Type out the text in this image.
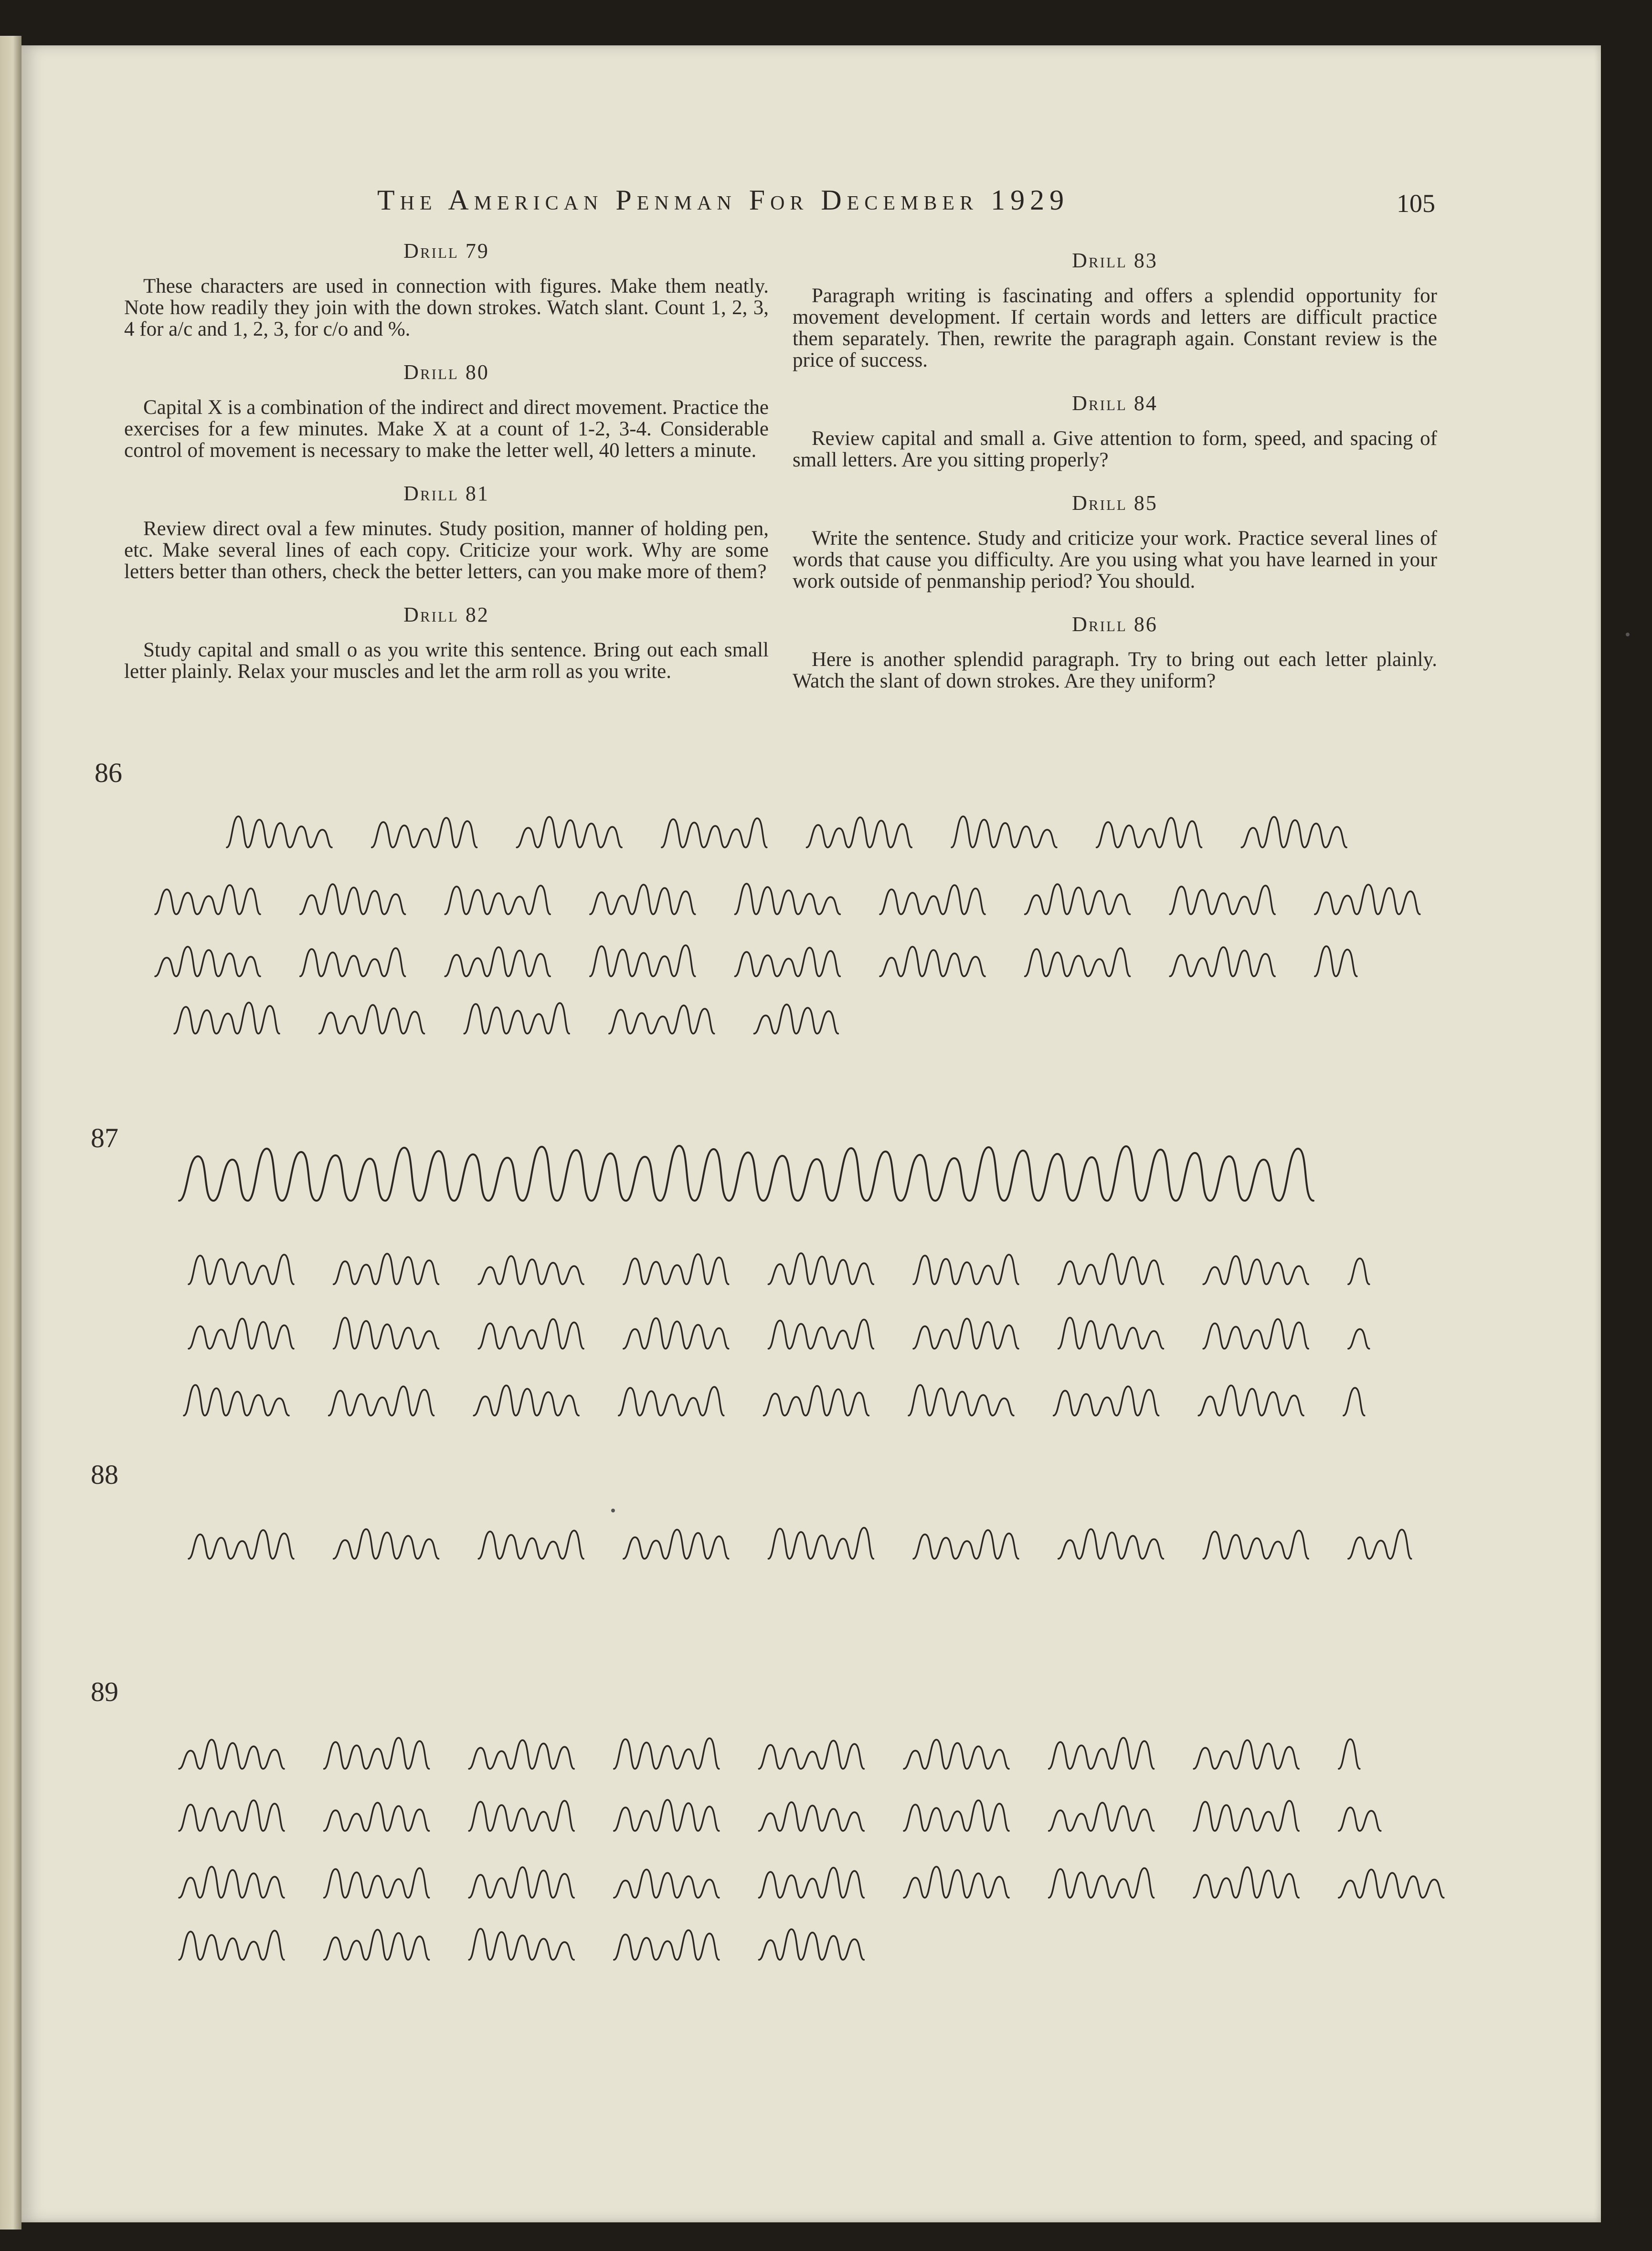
The American Penman For December 1929	105

Drill 79

These characters are used in connection with figures. Make them neatly. Note how readily they join with the down strokes. Watch slant. Count 1, 2, 3, 4 for a/c and 1, 2, 3, for c/o and %.

Drill 80

Capital X is a combination of the indirect and direct movement. Practice the exercises for a few minutes. Make X at a count of 1-2, 3-4. Considerable control of movement is necessary to make the letter well, 40 letters a minute.

Drill 81

Review direct oval a few minutes. Study position, manner of holding pen, etc. Make several lines of each copy. Criticize your work. Why are some letters better than others, check the better letters, can you make more of them?

Drill 82

Study capital and small o as you write this sentence. Bring out each small letter plainly. Relax your muscles and let the arm roll as you write.

Drill 83

Paragraph writing is fascinating and offers a splendid opportunity for movement development. If certain words and letters are difficult practice them separately. Then, rewrite the paragraph again. Constant review is the price of success.

Drill 84

Review capital and small a. Give attention to form, speed, and spacing of small letters. Are you sitting properly?

Drill 85

Write the sentence. Study and criticize your work. Practice several lines of words that cause you difficulty. Are you using what you have learned in your work outside of penmanship period? You should.

Drill 86

Here is another splendid paragraph. Try to bring out each letter plainly. Watch the slant of down strokes. Are they uniform?

86
87
88
89
